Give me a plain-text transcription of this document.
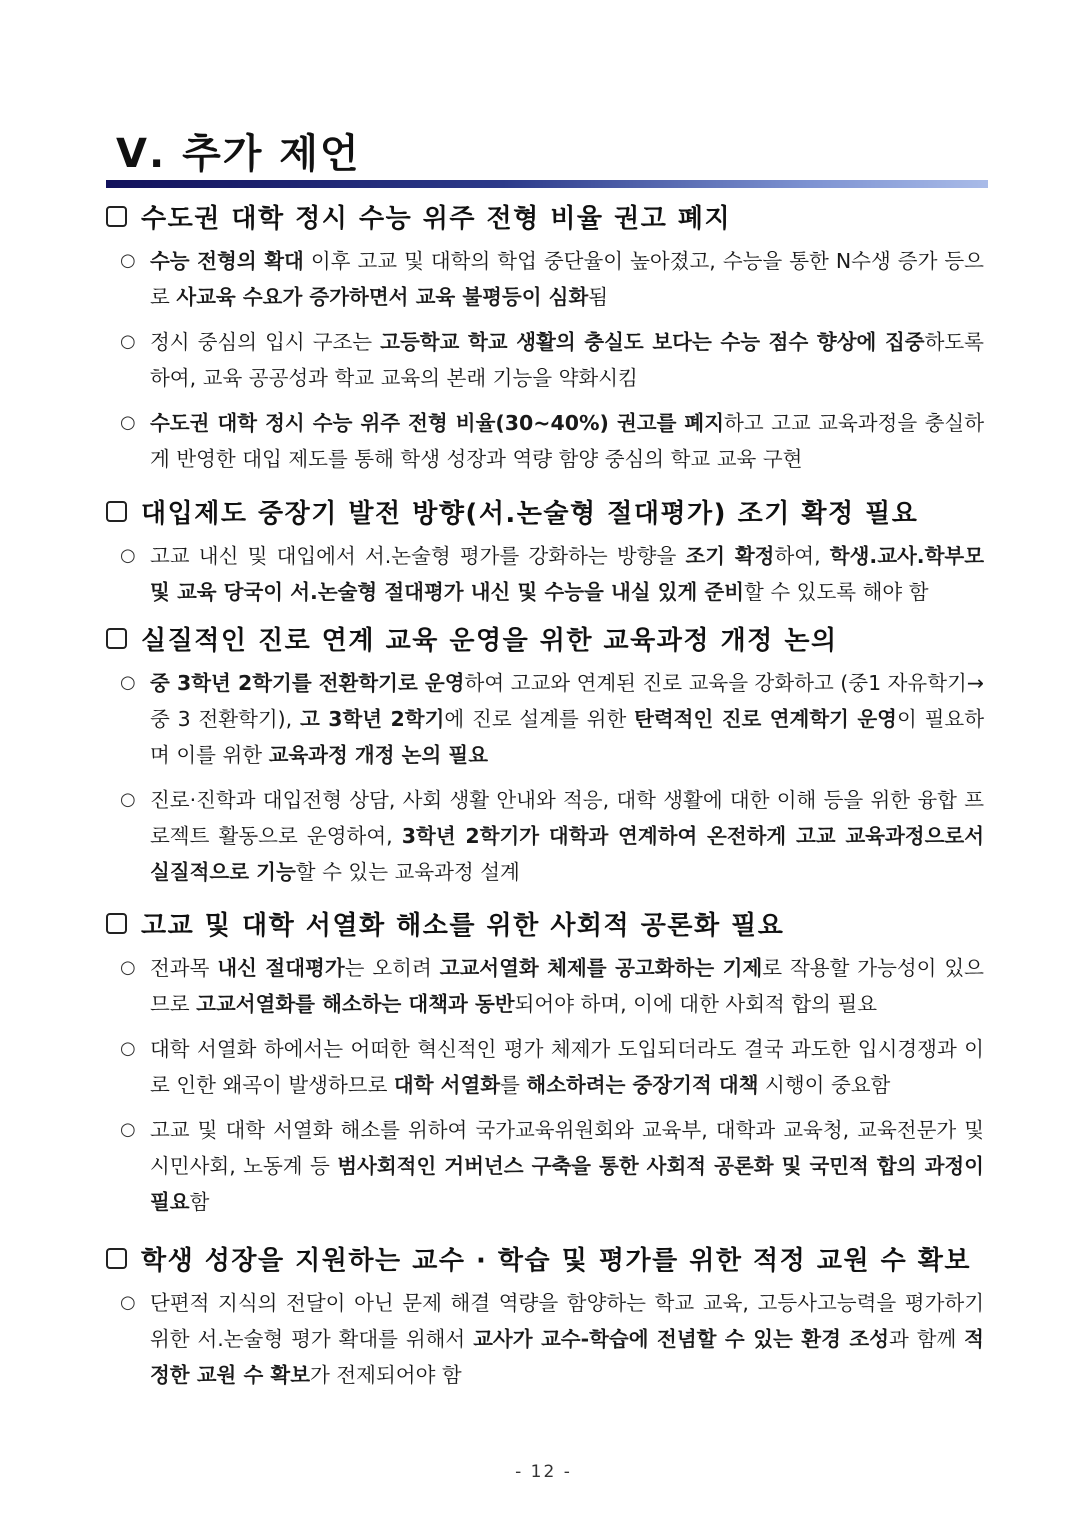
Ⅴ. 추가 제언
수도권 대학 정시 수능 위주 전형 비율 권고 폐지
○ 수능 전형의 확대 이후 고교 및 대학의 학업 중단율이 높아졌고, 수능을 통한 N수생 증가 등으로 사교육 수요가 증가하면서 교육 불평등이 심화됨
○ 정시 중심의 입시 구조는 고등학교 학교 생활의 충실도 보다는 수능 점수 향상에 집중하도록 하여, 교육 공공성과 학교 교육의 본래 기능을 약화시킴
○ 수도권 대학 정시 수능 위주 전형 비율(30~40%) 권고를 폐지하고 고교 교육과정을 충실하게 반영한 대입 제도를 통해 학생 성장과 역량 함양 중심의 학교 교육 구현
대입제도 중장기 발전 방향(서.논술형 절대평가) 조기 확정 필요
○ 고교 내신 및 대입에서 서.논술형 평가를 강화하는 방향을 조기 확정하여, 학생.교사.학부모 및 교육 당국이 서.논술형 절대평가 내신 및 수능을 내실 있게 준비할 수 있도록 해야 함
실질적인 진로 연계 교육 운영을 위한 교육과정 개정 논의
○ 중 3학년 2학기를 전환학기로 운영하여 고교와 연계된 진로 교육을 강화하고 (중1 자유학기→중 3 전환학기), 고 3학년 2학기에 진로 설계를 위한 탄력적인 진로 연계학기 운영이 필요하며 이를 위한 교육과정 개정 논의 필요
○ 진로·진학과 대입전형 상담, 사회 생활 안내와 적응, 대학 생활에 대한 이해 등을 위한 융합 프로젝트 활동으로 운영하여, 3학년 2학기가 대학과 연계하여 온전하게 고교 교육과정으로서 실질적으로 기능할 수 있는 교육과정 설계
고교 및 대학 서열화 해소를 위한 사회적 공론화 필요
○ 전과목 내신 절대평가는 오히려 고교서열화 체제를 공고화하는 기제로 작용할 가능성이 있으므로 고교서열화를 해소하는 대책과 동반되어야 하며, 이에 대한 사회적 합의 필요
○ 대학 서열화 하에서는 어떠한 혁신적인 평가 체제가 도입되더라도 결국 과도한 입시경쟁과 이로 인한 왜곡이 발생하므로 대학 서열화를 해소하려는 중장기적 대책 시행이 중요함
○ 고교 및 대학 서열화 해소를 위하여 국가교육위원회와 교육부, 대학과 교육청, 교육전문가 및 시민사회, 노동계 등 범사회적인 거버넌스 구축을 통한 사회적 공론화 및 국민적 합의 과정이 필요함
학생 성장을 지원하는 교수 · 학습 및 평가를 위한 적정 교원 수 확보
○ 단편적 지식의 전달이 아닌 문제 해결 역량을 함양하는 학교 교육, 고등사고능력을 평가하기 위한 서.논술형 평가 확대를 위해서 교사가 교수-학습에 전념할 수 있는 환경 조성과 함께 적정한 교원 수 확보가 전제되어야 함
- 12 -
